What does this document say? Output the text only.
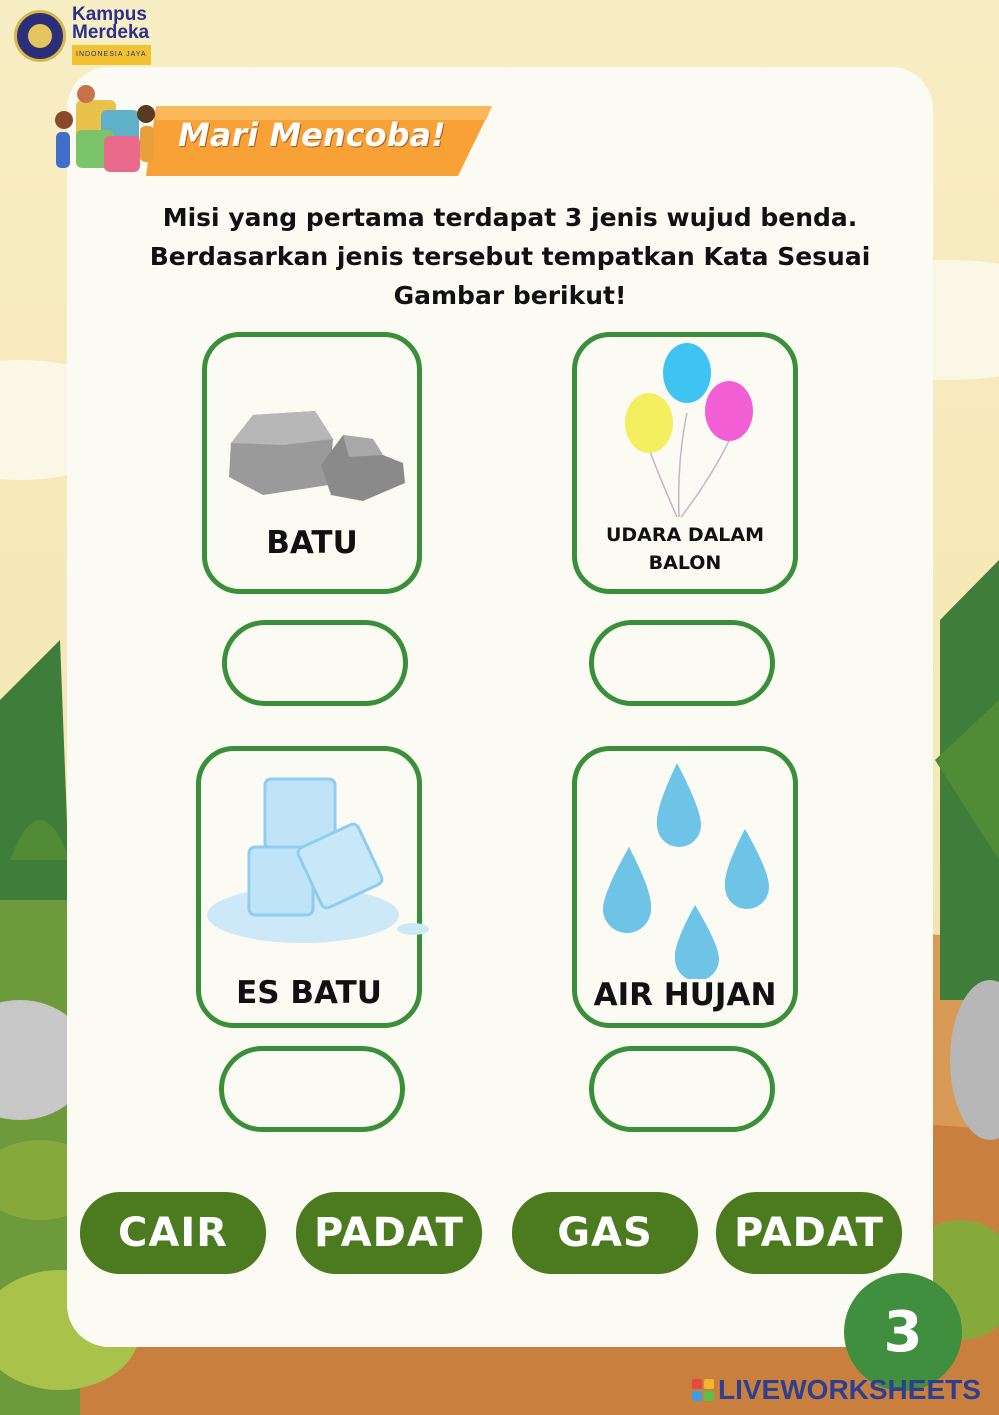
Kampus
Merdeka
INDONESIA JAYA
Mari Mencoba!
Misi yang pertama terdapat 3 jenis wujud benda.
Berdasarkan jenis tersebut tempatkan Kata Sesuai
Gambar berikut!
BATU	UDARA DALAM
BALON
ES BATU	AIR HUJAN
CAIR	PADAT	GAS	PADAT
3
LIVEWORKSHEETS
